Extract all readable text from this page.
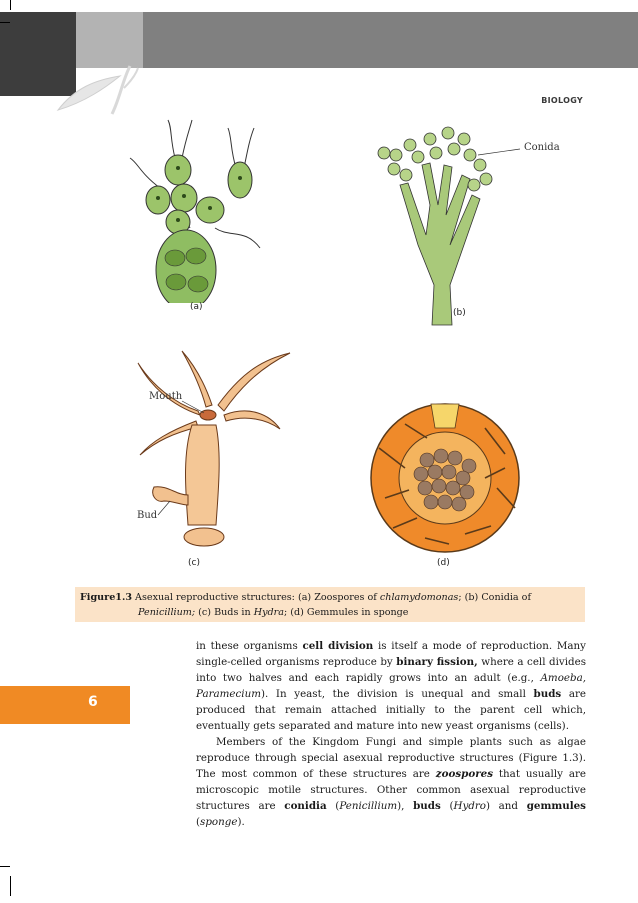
BIOLOGY
(a)
Conida
(b)
Mouth
Bud
(c)	(d)
Figure1.3 Asexual reproductive structures: (a) Zoospores of chlamydomonas; (b) Conidia of
Penicillium; (c) Buds in Hydra; (d) Gemmules in sponge
6

in these organisms cell division is itself a mode of reproduction. Many single-celled organisms reproduce by binary fission, where a cell divides into two halves and each rapidly grows into an adult (e.g., Amoeba, Paramecium). In yeast, the division is unequal and small buds are produced that remain attached initially to the parent cell which, eventually gets separated and mature into new yeast organisms (cells).

Members of the Kingdom Fungi and simple plants such as algae reproduce through special asexual reproductive structures (Figure 1.3). The most common of these structures are zoospores that usually are microscopic motile structures. Other common asexual reproductive structures are conidia (Penicillium), buds (Hydro) and gemmules (sponge).
